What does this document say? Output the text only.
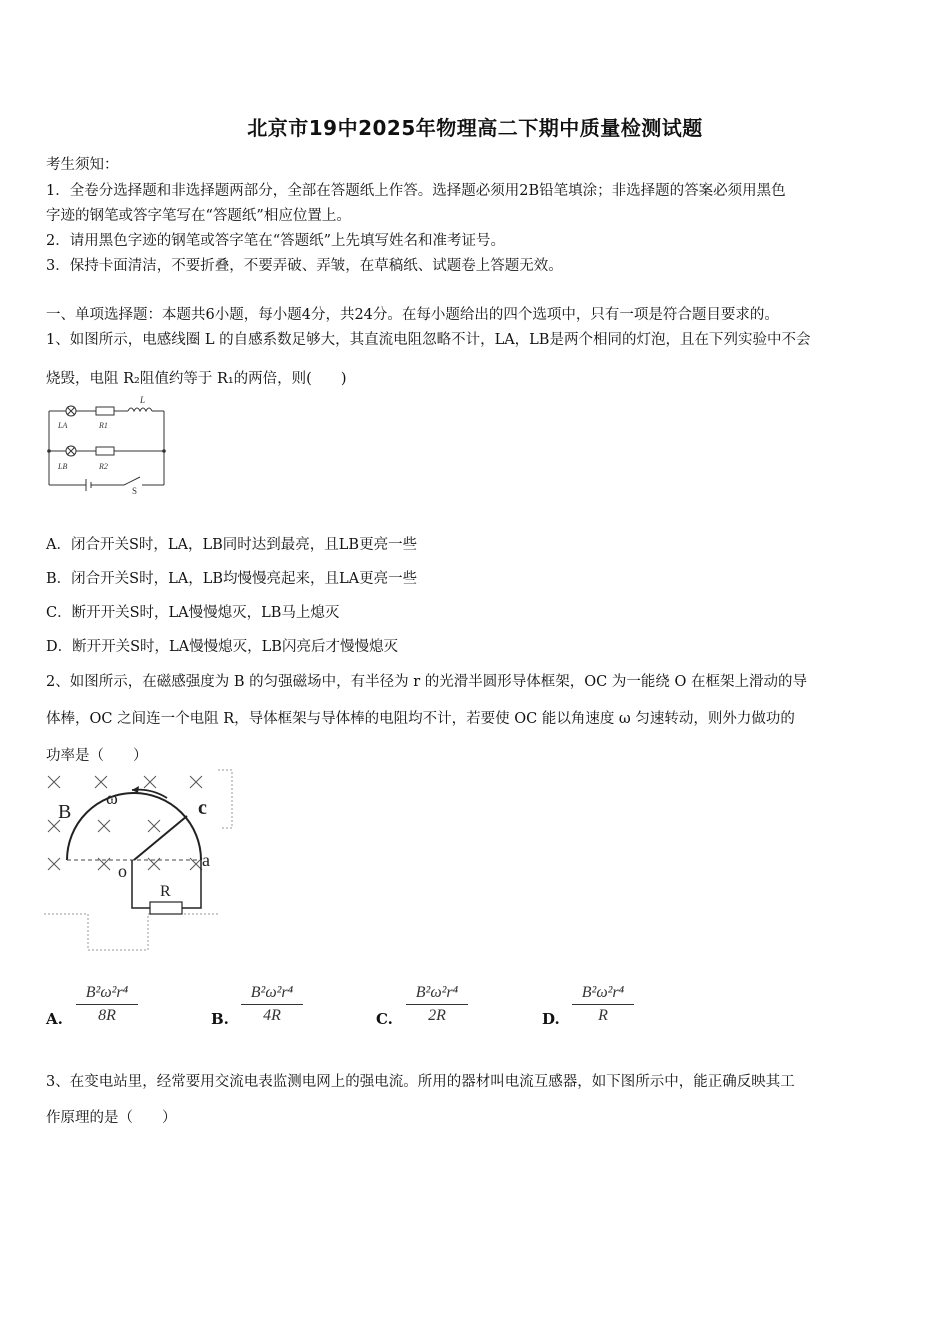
北京市19中2025年物理高二下期中质量检测试题
考生须知：
1．全卷分选择题和非选择题两部分，全部在答题纸上作答。选择题必须用2B铅笔填涂；非选择题的答案必须用黑色
字迹的钢笔或答字笔写在“答题纸”相应位置上。
2．请用黑色字迹的钢笔或答字笔在“答题纸”上先填写姓名和准考证号。
3．保持卡面清洁，不要折叠，不要弄破、弄皱，在草稿纸、试题卷上答题无效。
一、单项选择题：本题共6小题，每小题4分，共24分。在每小题给出的四个选项中，只有一项是符合题目要求的。
1、如图所示，电感线圈 L 的自感系数足够大，其直流电阻忽略不计，LA，LB是两个相同的灯泡，且在下列实验中不会
烧毁，电阻 R₂阻值约等于 R₁的两倍，则(　　)
L
LA	R1
LB	R2
S
A．闭合开关S时，LA，LB同时达到最亮，且LB更亮一些
B．闭合开关S时，LA，LB均慢慢亮起来，且LA更亮一些
C．断开开关S时，LA慢慢熄灭，LB马上熄灭
D．断开开关S时，LA慢慢熄灭，LB闪亮后才慢慢熄灭
2、如图所示，在磁感强度为 B 的匀强磁场中，有半径为 r 的光滑半圆形导体框架，OC 为一能绕 O 在框架上滑动的导
体棒，OC 之间连一个电阻 R，导体框架与导体棒的电阻均不计，若要使 OC 能以角速度 ω 匀速转动，则外力做功的
功率是（　　）
B
ω	c
a
o
R
A.
B²ω²r⁴
8R	B.
B²ω²r⁴
4R	C.
B²ω²r⁴
2R	D.
B²ω²r⁴
R
3、在变电站里，经常要用交流电表监测电网上的强电流。所用的器材叫电流互感器，如下图所示中，能正确反映其工
作原理的是（　　）
